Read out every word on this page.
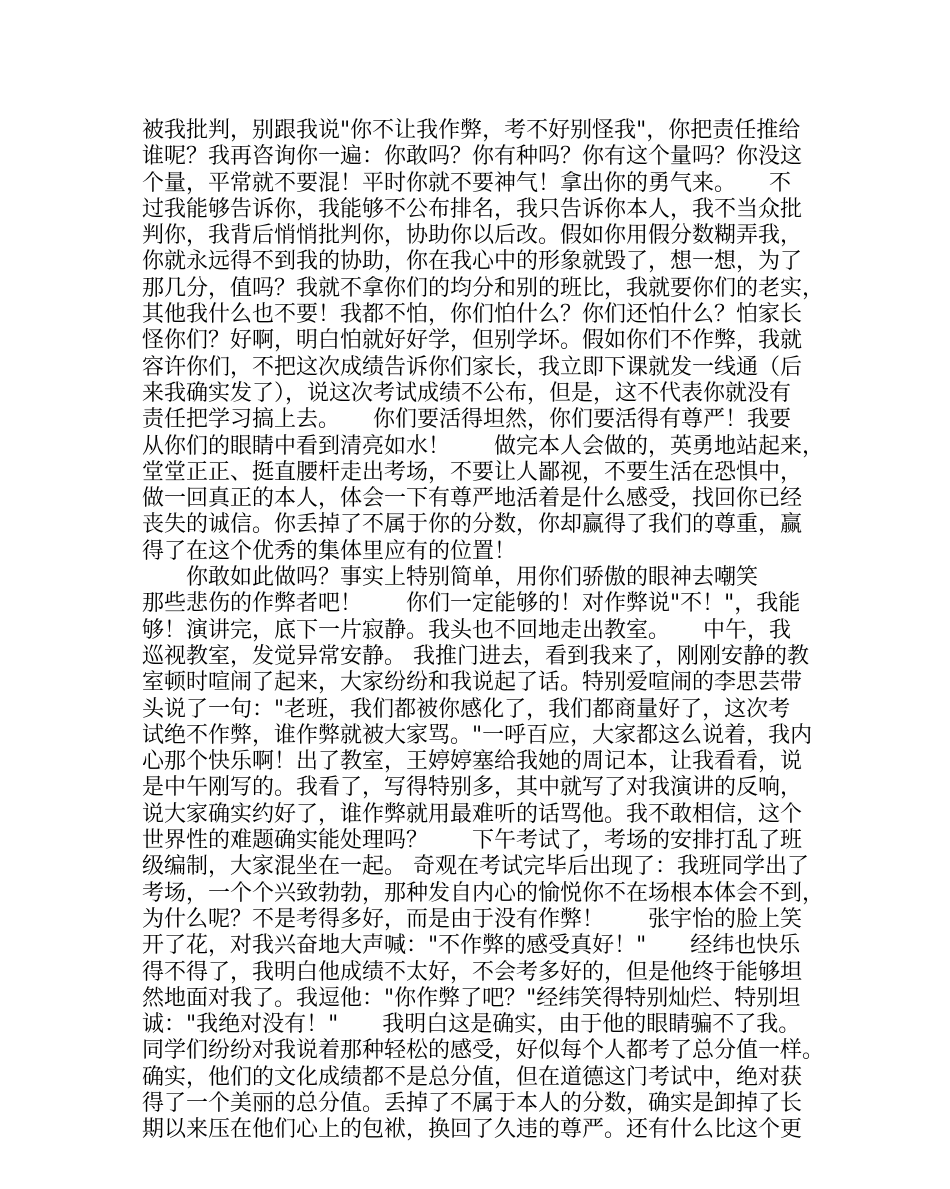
被我批判，别跟我说"你不让我作弊，考不好别怪我"，你把责任推给
谁呢？我再咨询你一遍：你敢吗？你有种吗？你有这个量吗？你没这
个量，平常就不要混！平时你就不要神气！拿出你的勇气来。　　不
过我能够告诉你，我能够不公布排名，我只告诉你本人，我不当众批
判你，我背后悄悄批判你，协助你以后改。假如你用假分数糊弄我，
你就永远得不到我的协助，你在我心中的形象就毁了，想一想，为了
那几分，值吗？我就不拿你们的均分和别的班比，我就要你们的老实，
其他我什么也不要！我都不怕，你们怕什么？你们还怕什么？怕家长
怪你们？好啊，明白怕就好好学，但别学坏。假如你们不作弊，我就
容许你们，不把这次成绩告诉你们家长，我立即下课就发一线通（后
来我确实发了），说这次考试成绩不公布，但是，这不代表你就没有
责任把学习搞上去。　　你们要活得坦然，你们要活得有尊严！我要
从你们的眼睛中看到清亮如水！　　做完本人会做的，英勇地站起来，
堂堂正正、挺直腰杆走出考场，不要让人鄙视，不要生活在恐惧中，
做一回真正的本人，体会一下有尊严地活着是什么感受，找回你已经
丧失的诚信。你丢掉了不属于你的分数，你却赢得了我们的尊重，赢
得了在这个优秀的集体里应有的位置！
　　你敢如此做吗？事实上特别简单，用你们骄傲的眼神去嘲笑
那些悲伤的作弊者吧！　　你们一定能够的！对作弊说"不！"，我能
够！演讲完，底下一片寂静。我头也不回地走出教室。　　中午，我
巡视教室，发觉异常安静。 我推门进去，看到我来了，刚刚安静的教
室顿时喧闹了起来，大家纷纷和我说起了话。特别爱喧闹的李思芸带
头说了一句："老班，我们都被你感化了，我们都商量好了，这次考
试绝不作弊，谁作弊就被大家骂。"一呼百应，大家都这么说着，我内
心那个快乐啊！出了教室，王婷婷塞给我她的周记本，让我看看，说
是中午刚写的。我看了，写得特别多，其中就写了对我演讲的反响，
说大家确实约好了，谁作弊就用最难听的话骂他。我不敢相信，这个
世界性的难题确实能处理吗？　　下午考试了，考场的安排打乱了班
级编制，大家混坐在一起。 奇观在考试完毕后出现了：我班同学出了
考场，一个个兴致勃勃，那种发自内心的愉悦你不在场根本体会不到，
为什么呢？不是考得多好，而是由于没有作弊！　　张宇怡的脸上笑
开了花，对我兴奋地大声喊："不作弊的感受真好！"　　经纬也快乐
得不得了，我明白他成绩不太好，不会考多好的，但是他终于能够坦
然地面对我了。我逗他："你作弊了吧？"经纬笑得特别灿烂、特别坦
诚："我绝对没有！"　　我明白这是确实，由于他的眼睛骗不了我。
同学们纷纷对我说着那种轻松的感受，好似每个人都考了总分值一样。
确实，他们的文化成绩都不是总分值，但在道德这门考试中，绝对获
得了一个美丽的总分值。丢掉了不属于本人的分数，确实是卸掉了长
期以来压在他们心上的包袱，换回了久违的尊严。还有什么比这个更
